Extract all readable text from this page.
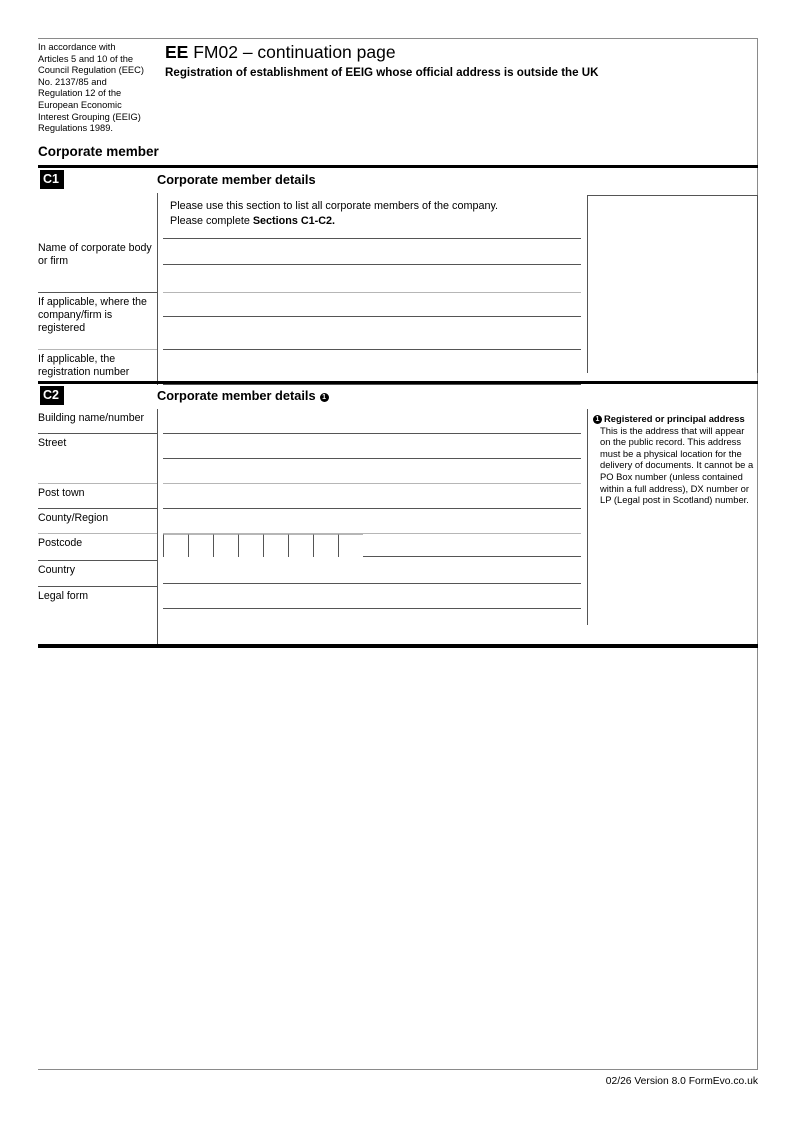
In accordance with Articles 5 and 10 of the Council Regulation (EEC) No. 2137/85 and Regulation 12 of the European Economic Interest Grouping (EEIG) Regulations 1989.
EE FM02 – continuation page
Registration of establishment of EEIG whose official address is outside the UK
Corporate member
C1	Corporate member details
Name of corporate body or firm
If applicable, where the company/firm is registered
If applicable, the registration number
Please use this section to list all corporate members of the company.
Please complete Sections C1-C2.
C2	Corporate member details 1
Building name/number
Street
Post town
County/Region
Postcode
Country
Legal form
1 Registered or principal address
This is the address that will appear on the public record. This address must be a physical location for the delivery of documents. It cannot be a PO Box number (unless contained within a full address), DX number or LP (Legal post in Scotland) number.
02/26 Version 8.0 FormEvo.co.uk
